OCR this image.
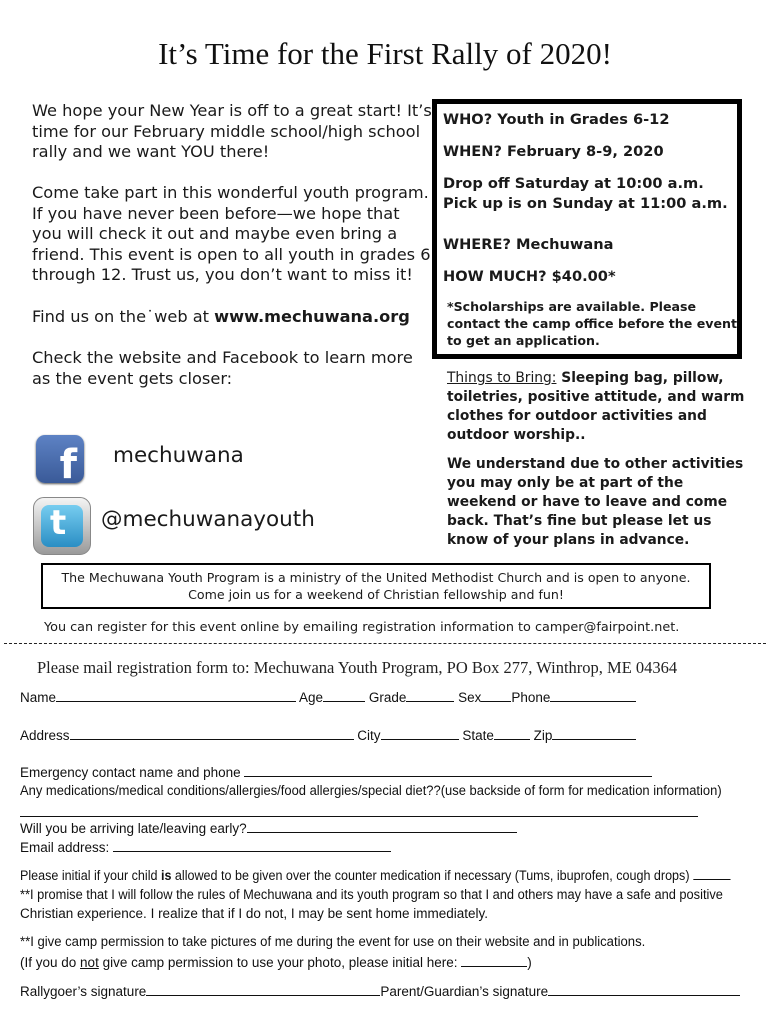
It’s Time for the First Rally of 2020!
We hope your New Year is off to a great start! It’s time for our February middle school/high school rally and we want YOU there!
Come take part in this wonderful youth program. If you have never been before—we hope that you will check it out and maybe even bring a friend. This event is open to all youth in grades 6 through 12. Trust us, you don’t want to miss it!
Find us on the˙web at www.mechuwana.org
Check the website and Facebook to learn more as the event gets closer:
f mechuwana
t @mechuwanayouth
WHO? Youth in Grades 6-12
WHEN? February 8-9, 2020
Drop off Saturday at 10:00 a.m.
Pick up is on Sunday at 11:00 a.m.
WHERE? Mechuwana
HOW MUCH? $40.00*
*Scholarships are available. Please contact the camp office before the event to get an application.
Things to Bring: Sleeping bag, pillow, toiletries, positive attitude, and warm clothes for outdoor activities and outdoor worship..
We understand due to other activities you may only be at part of the weekend or have to leave and come back. That’s fine but please let us know of your plans in advance.
The Mechuwana Youth Program is a ministry of the United Methodist Church and is open to anyone.
Come join us for a weekend of Christian fellowship and fun!
You can register for this event online by emailing registration information to camper@fairpoint.net.
Please mail registration form to: Mechuwana Youth Program, PO Box 277, Winthrop, ME 04364
Name	Age	Grade	Sex Phone
Address	City	State	Zip
Emergency contact name and phone
Any medications/medical conditions/allergies/food allergies/special diet??(use backside of form for medication information)
Will you be arriving late/leaving early?
Email address:
Please initial if your child is allowed to be given over the counter medication if necessary (Tums, ibuprofen, cough drops)
**I promise that I will follow the rules of Mechuwana and its youth program so that I and others may have a safe and positive
Christian experience. I realize that if I do not, I may be sent home immediately.
**I give camp permission to take pictures of me during the event for use on their website and in publications.
(If you do not give camp permission to use your photo, please initial here:	)
Rallygoer’s signature	Parent/Guardian’s signature
